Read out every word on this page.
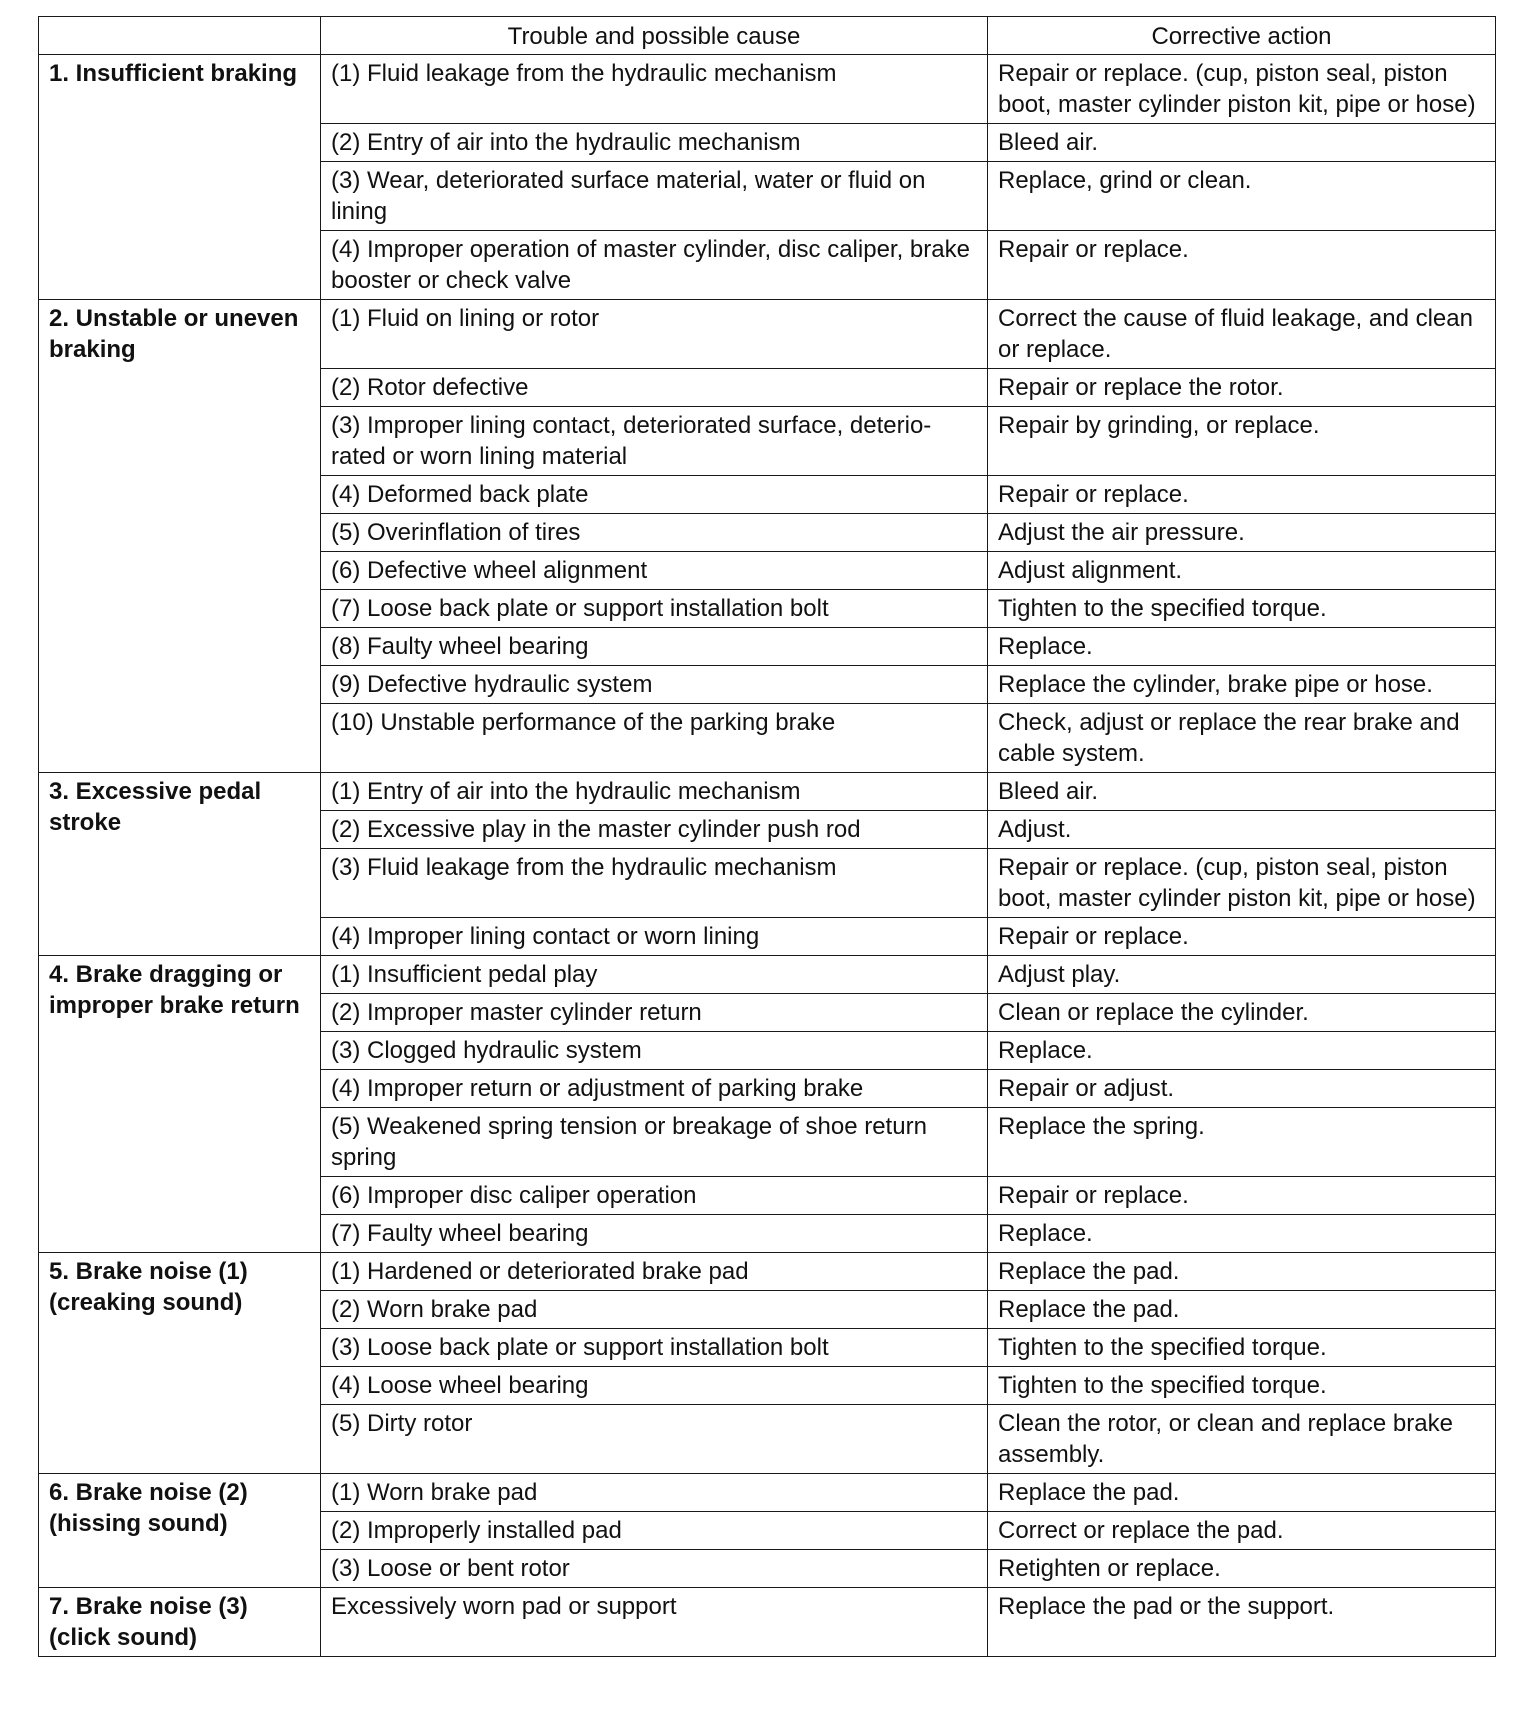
	Trouble and possible cause	Corrective action
1. Insufficient braking	(1) Fluid leakage from the hydraulic mechanism	Repair or replace. (cup, piston seal, piston boot, master cylinder piston kit, pipe or hose)
	(2) Entry of air into the hydraulic mechanism	Bleed air.
	(3) Wear, deteriorated surface material, water or fluid on lining	Replace, grind or clean.
	(4) Improper operation of master cylinder, disc caliper, brake booster or check valve	Repair or replace.
2. Unstable or uneven braking	(1) Fluid on lining or rotor	Correct the cause of fluid leakage, and clean or replace.
	(2) Rotor defective	Repair or replace the rotor.
	(3) Improper lining contact, deteriorated surface, deterio-rated or worn lining material	Repair by grinding, or replace.
	(4) Deformed back plate	Repair or replace.
	(5) Overinflation of tires	Adjust the air pressure.
	(6) Defective wheel alignment	Adjust alignment.
	(7) Loose back plate or support installation bolt	Tighten to the specified torque.
	(8) Faulty wheel bearing	Replace.
	(9) Defective hydraulic system	Replace the cylinder, brake pipe or hose.
	(10) Unstable performance of the parking brake	Check, adjust or replace the rear brake and cable system.
3. Excessive pedal stroke	(1) Entry of air into the hydraulic mechanism	Bleed air.
	(2) Excessive play in the master cylinder push rod	Adjust.
	(3) Fluid leakage from the hydraulic mechanism	Repair or replace. (cup, piston seal, piston boot, master cylinder piston kit, pipe or hose)
	(4) Improper lining contact or worn lining	Repair or replace.
4. Brake dragging or improper brake return	(1) Insufficient pedal play	Adjust play.
	(2) Improper master cylinder return	Clean or replace the cylinder.
	(3) Clogged hydraulic system	Replace.
	(4) Improper return or adjustment of parking brake	Repair or adjust.
	(5) Weakened spring tension or breakage of shoe return spring	Replace the spring.
	(6) Improper disc caliper operation	Repair or replace.
	(7) Faulty wheel bearing	Replace.
5. Brake noise (1) (creaking sound)	(1) Hardened or deteriorated brake pad	Replace the pad.
	(2) Worn brake pad	Replace the pad.
	(3) Loose back plate or support installation bolt	Tighten to the specified torque.
	(4) Loose wheel bearing	Tighten to the specified torque.
	(5) Dirty rotor	Clean the rotor, or clean and replace brake assembly.
6. Brake noise (2) (hissing sound)	(1) Worn brake pad	Replace the pad.
	(2) Improperly installed pad	Correct or replace the pad.
	(3) Loose or bent rotor	Retighten or replace.
7. Brake noise (3) (click sound)	Excessively worn pad or support	Replace the pad or the support.
